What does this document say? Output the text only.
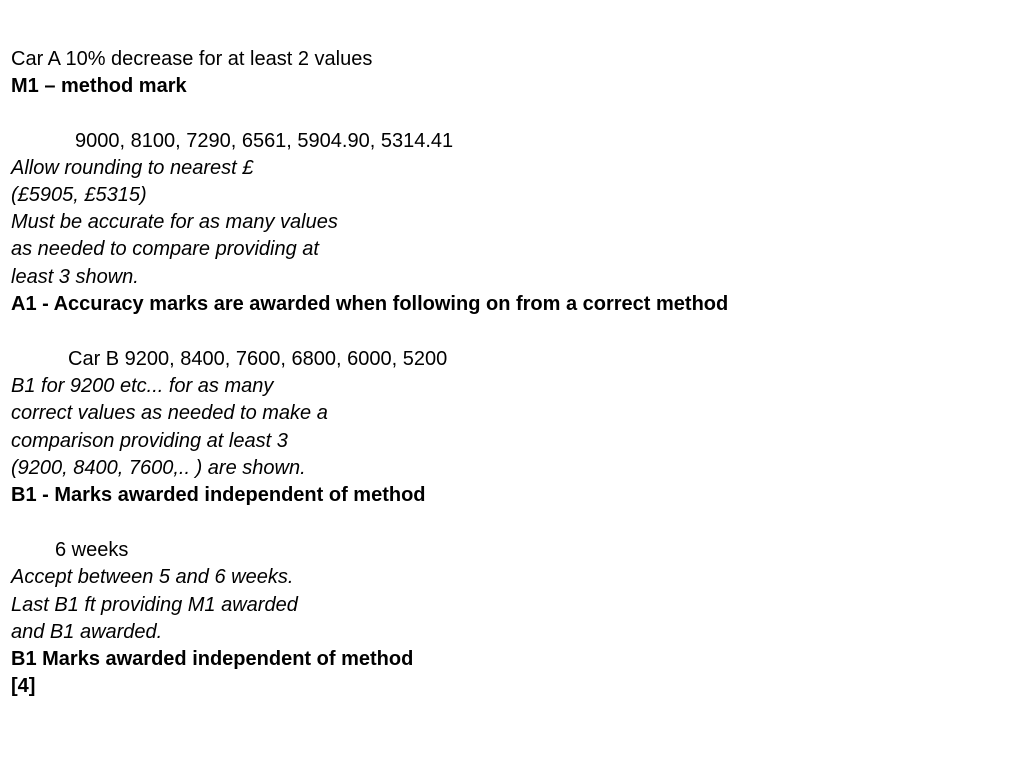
Car A 10% decrease for at least 2 values
M1 – method mark
9000, 8100, 7290, 6561, 5904.90, 5314.41
Allow rounding to nearest £
(£5905, £5315)
Must be accurate for as many values
as needed to compare providing at
least 3 shown.
A1 - Accuracy marks are awarded when following on from a correct method
Car B 9200, 8400, 7600, 6800, 6000, 5200
B1 for 9200 etc... for as many
correct values as needed to make a
comparison providing at least 3
(9200, 8400, 7600,.. ) are shown.
B1 - Marks awarded independent of method
6 weeks
Accept between 5 and 6 weeks.
Last B1 ft providing M1 awarded
and B1 awarded.
B1 Marks awarded independent of method
[4]
